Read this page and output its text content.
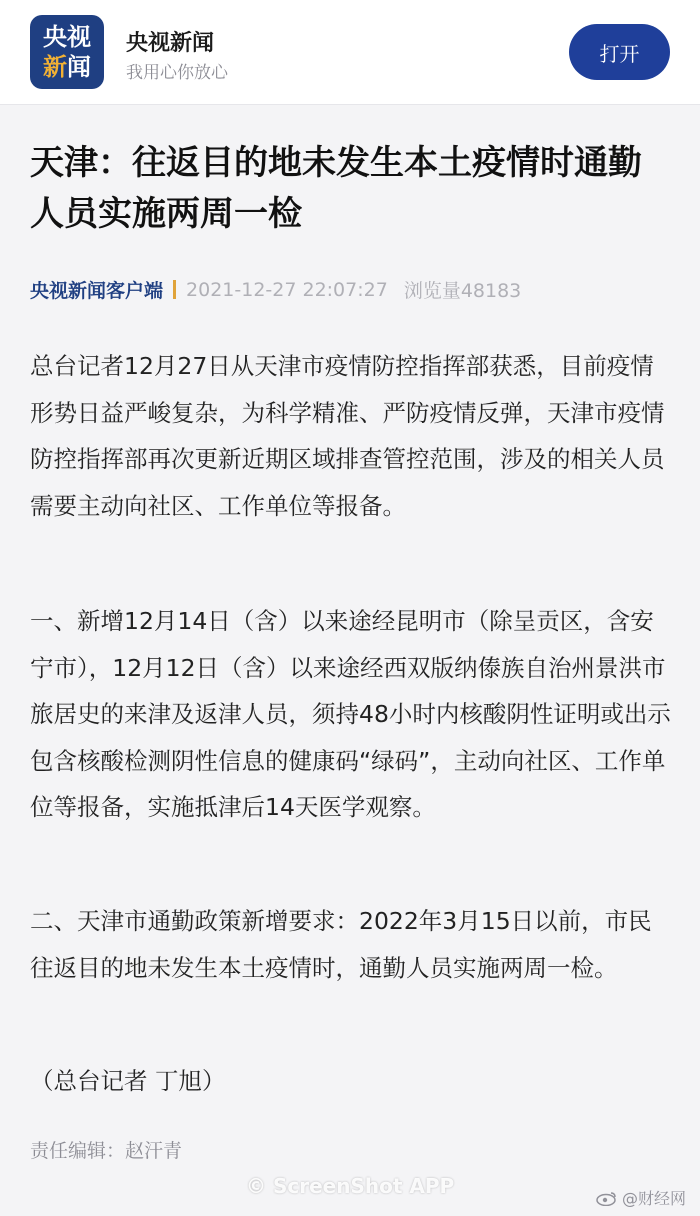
央视
新闻
央视新闻
我用心你放心
打开
天津：往返目的地未发生本土疫情时通勤人员实施两周一检
央视新闻客户端 2021-12-27 22:07:27 浏览量48183

总台记者12月27日从天津市疫情防控指挥部获悉，目前疫情形势日益严峻复杂，为科学精准、严防疫情反弹，天津市疫情防控指挥部再次更新近期区域排查管控范围，涉及的相关人员需要主动向社区、工作单位等报备。

一、新增12月14日（含）以来途经昆明市（除呈贡区，含安宁市），12月12日（含）以来途经西双版纳傣族自治州景洪市旅居史的来津及返津人员，须持48小时内核酸阴性证明或出示包含核酸检测阴性信息的健康码“绿码”，主动向社区、工作单位等报备，实施抵津后14天医学观察。

二、天津市通勤政策新增要求：2022年3月15日以前，市民往返目的地未发生本土疫情时，通勤人员实施两周一检。

（总台记者 丁旭）
责任编辑：赵汗青
© ScreenShot APP
@财经网
